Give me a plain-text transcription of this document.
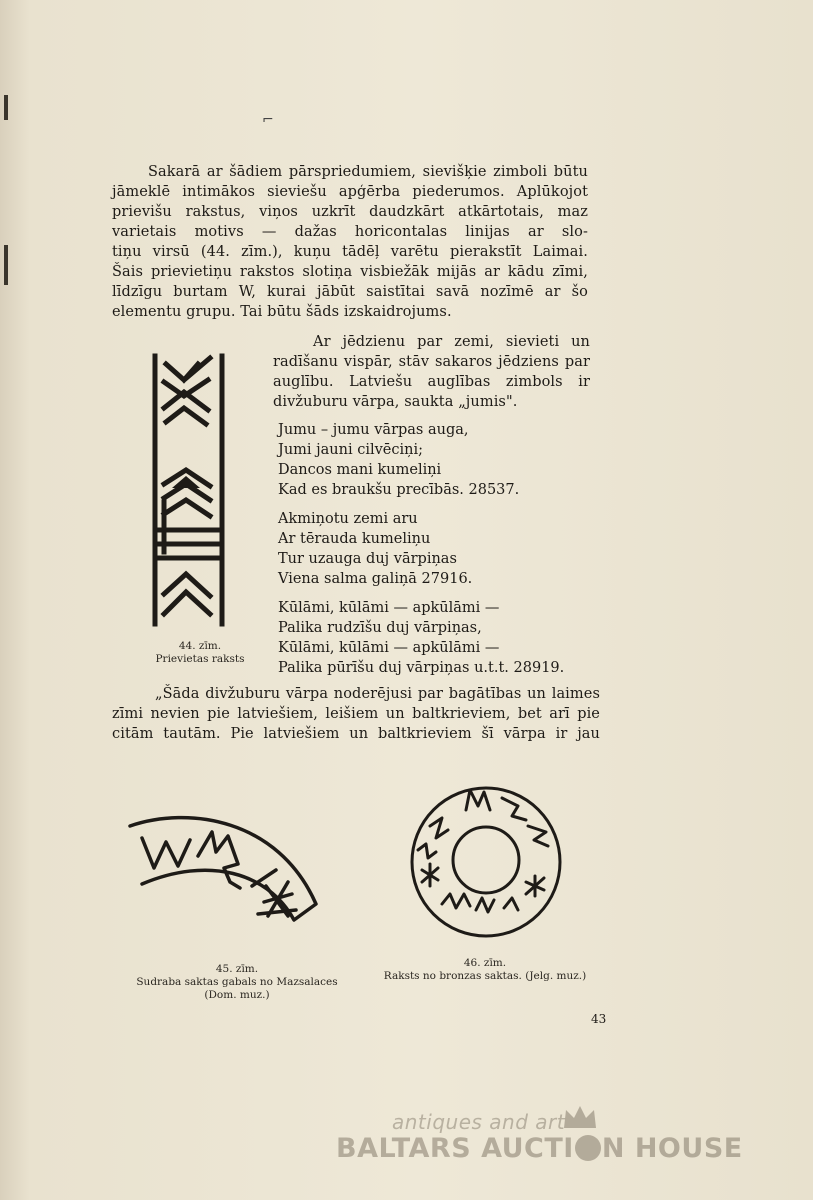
⌐
Sakarā ar šādiem pārspriedumiem, sievišķie zimboli būtu
jāmeklē intimākos sieviešu apģērba piederumos. Aplūkojot
prievišu rakstus, viņos uzkrīt daudzkārt atkārtotais, maz
varietais motivs — dažas horicontalas linijas ar slo-
tiņu virsū (44. zīm.), kuņu tādēļ varētu pierakstīt Laimai.
Šais prievietiņu rakstos slotiņa visbiežāk mijās ar kādu zīmi,
līdzīgu burtam W, kurai jābūt saistītai savā nozīmē ar šo
elementu grupu. Tai būtu šāds izskaidrojums.
44. zīm.
Prievietas raksts
Ar jēdzienu par zemi, sievieti un
radīšanu vispār, stāv sakaros jēdziens par
auglību. Latviešu auglības zimbols ir
divžuburu vārpa, saukta „jumis".
Jumu – jumu vārpas auga,
Jumi jauni cilvēciņi;
Dancos mani kumeliņi
Kad es braukšu precībās. 28537.
Akmiņotu zemi aru
Ar tērauda kumeliņu
Tur uzauga duj vārpiņas
Viena salma galiņā 27916.
Kūlāmi, kūlāmi — apkūlāmi —
Palika rudzīšu duj vārpiņas,
Kūlāmi, kūlāmi — apkūlāmi —
Palika pūrīšu duj vārpiņas u.t.t. 28919.
„Šāda divžuburu vārpa noderējusi par bagātības un laimes
zīmi nevien pie latviešiem, leišiem un baltkrieviem, bet arī pie
citām tautām. Pie latviešiem un baltkrieviem šī vārpa ir jau
45. zīm.
Sudraba saktas gabals no Mazsalaces
(Dom. muz.)
46. zīm.
Raksts no bronzas saktas. (Jelg. muz.)
43
antiques and art
BALTARS AUCTI N HOUSE
